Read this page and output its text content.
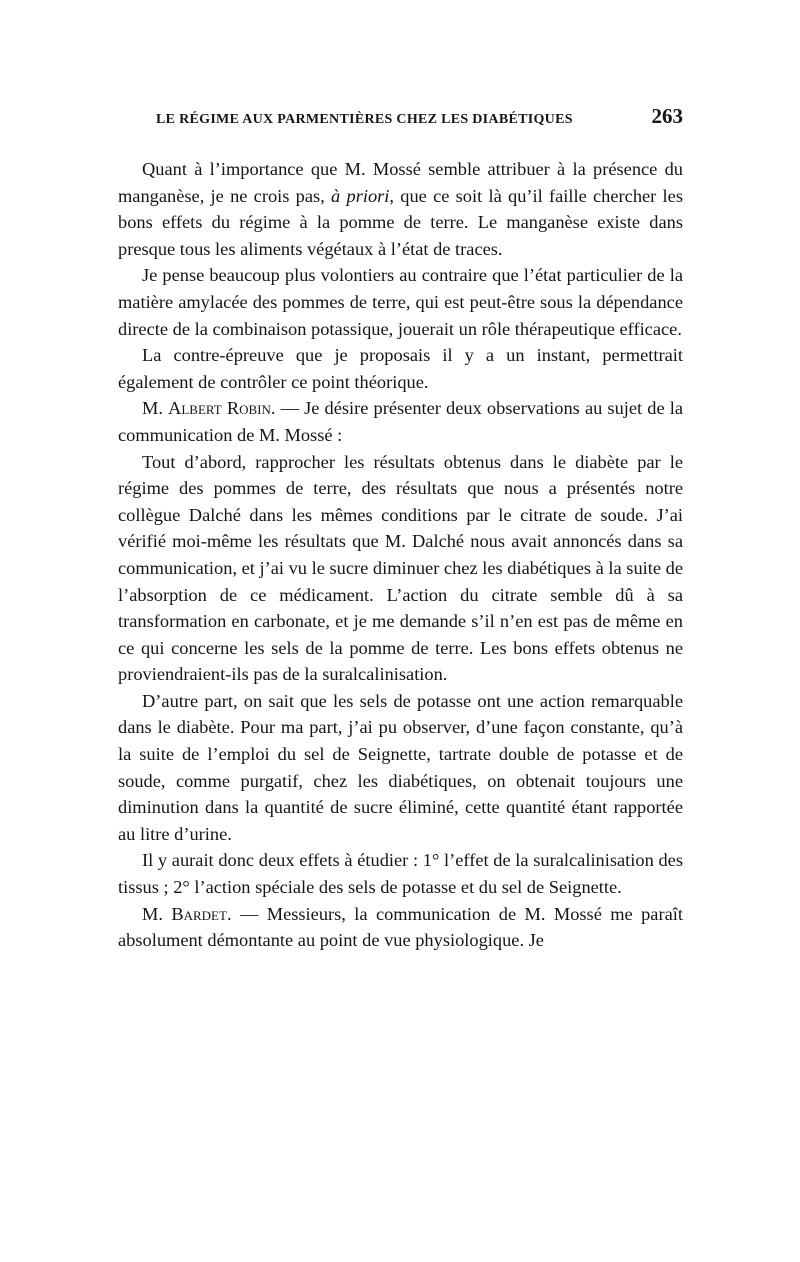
LE RÉGIME AUX PARMENTIÈRES CHEZ LES DIABÉTIQUES	263

Quant à l’importance que M. Mossé semble attribuer à la présence du manganèse, je ne crois pas, à priori, que ce soit là qu’il faille chercher les bons effets du régime à la pomme de terre. Le manganèse existe dans presque tous les aliments végétaux à l’état de traces.

Je pense beaucoup plus volontiers au contraire que l’état particulier de la matière amylacée des pommes de terre, qui est peut-être sous la dépendance directe de la combinaison potassique, jouerait un rôle thérapeutique efficace.

La contre-épreuve que je proposais il y a un instant, permettrait également de contrôler ce point théorique.

M. Albert Robin. — Je désire présenter deux observations au sujet de la communication de M. Mossé :

Tout d’abord, rapprocher les résultats obtenus dans le diabète par le régime des pommes de terre, des résultats que nous a présentés notre collègue Dalché dans les mêmes conditions par le citrate de soude. J’ai vérifié moi-même les résultats que M. Dalché nous avait annoncés dans sa communication, et j’ai vu le sucre diminuer chez les diabétiques à la suite de l’absorption de ce médicament. L’action du citrate semble dû à sa transformation en carbonate, et je me demande s’il n’en est pas de même en ce qui concerne les sels de la pomme de terre. Les bons effets obtenus ne proviendraient-ils pas de la suralcalinisation.

D’autre part, on sait que les sels de potasse ont une action remarquable dans le diabète. Pour ma part, j’ai pu observer, d’une façon constante, qu’à la suite de l’emploi du sel de Seignette, tartrate double de potasse et de soude, comme purgatif, chez les diabétiques, on obtenait toujours une diminution dans la quantité de sucre éliminé, cette quantité étant rapportée au litre d’urine.

Il y aurait donc deux effets à étudier : 1° l’effet de la suralcalinisation des tissus ; 2° l’action spéciale des sels de potasse et du sel de Seignette.

M. Bardet. — Messieurs, la communication de M. Mossé me paraît absolument démontante au point de vue physiologique. Je
